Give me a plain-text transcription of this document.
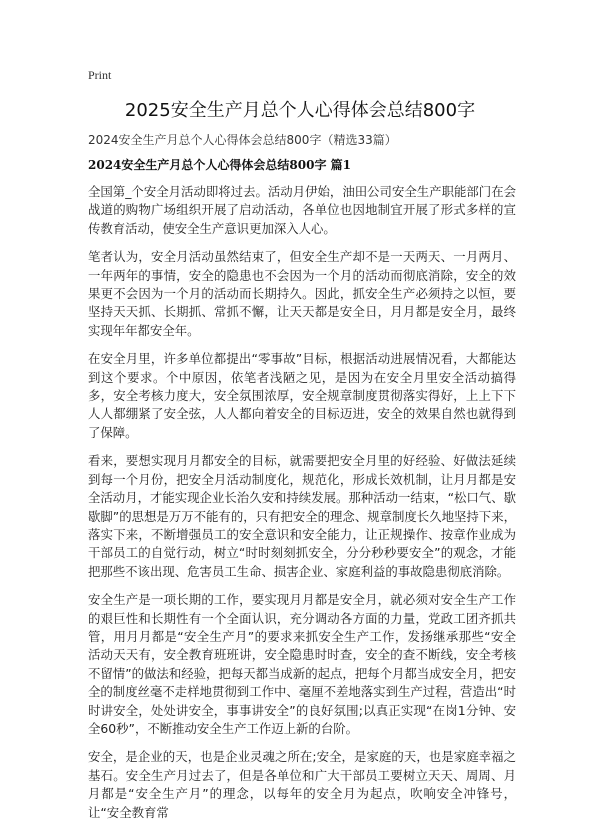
Print
2025安全生产月总个人心得体会总结800字
2024安全生产月总个人心得体会总结800字（精选33篇）
2024安全生产月总个人心得体会总结800字 篇1

全国第_个安全月活动即将过去。活动月伊始，油田公司安全生产职能部门在会战道的购物广场组织开展了启动活动，各单位也因地制宜开展了形式多样的宣传教育活动，使安全生产意识更加深入人心。

笔者认为，安全月活动虽然结束了，但安全生产却不是一天两天、一月两月、一年两年的事情，安全的隐患也不会因为一个月的活动而彻底消除，安全的效果更不会因为一个月的活动而长期持久。因此，抓安全生产必须持之以恒，要坚持天天抓、长期抓、常抓不懈，让天天都是安全日，月月都是安全月，最终实现年年都安全年。

在安全月里，许多单位都提出“零事故”目标，根据活动进展情况看，大都能达到这个要求。个中原因，依笔者浅陋之见，是因为在安全月里安全活动搞得多，安全考核力度大，安全氛围浓厚，安全规章制度贯彻落实得好，上上下下人人都绷紧了安全弦，人人都向着安全的目标迈进，安全的效果自然也就得到了保障。

看来，要想实现月月都安全的目标，就需要把安全月里的好经验、好做法延续到每一个月份，把安全月活动制度化，规范化，形成长效机制，让月月都是安全活动月，才能实现企业长治久安和持续发展。那种活动一结束，“松口气、歇歇脚”的思想是万万不能有的，只有把安全的理念、规章制度长久地坚持下来，落实下来，不断增强员工的安全意识和安全能力，让正规操作、按章作业成为干部员工的自觉行动，树立“时时刻刻抓安全，分分秒秒要安全”的观念，才能把那些不该出现、危害员工生命、损害企业、家庭利益的事故隐患彻底消除。

安全生产是一项长期的工作，要实现月月都是安全月，就必须对安全生产工作的艰巨性和长期性有一个全面认识，充分调动各方面的力量，党政工团齐抓共管，用月月都是“安全生产月”的要求来抓安全生产工作，发扬继承那些“安全活动天天有，安全教育班班讲，安全隐患时时查，安全的查不断线，安全考核不留情”的做法和经验，把每天都当成新的起点，把每个月都当成安全月，把安全的制度丝毫不走样地贯彻到工作中、毫厘不差地落实到生产过程，营造出“时时讲安全，处处讲安全，事事讲安全”的良好氛围;以真正实现“在岗1分钟、安全60秒”，不断推动安全生产工作迈上新的台阶。

安全，是企业的天，也是企业灵魂之所在;安全，是家庭的天，也是家庭幸福之基石。安全生产月过去了，但是各单位和广大干部员工要树立天天、周周、月月都是“安全生产月”的理念，以每年的安全月为起点，吹响安全冲锋号，让“安全教育常
